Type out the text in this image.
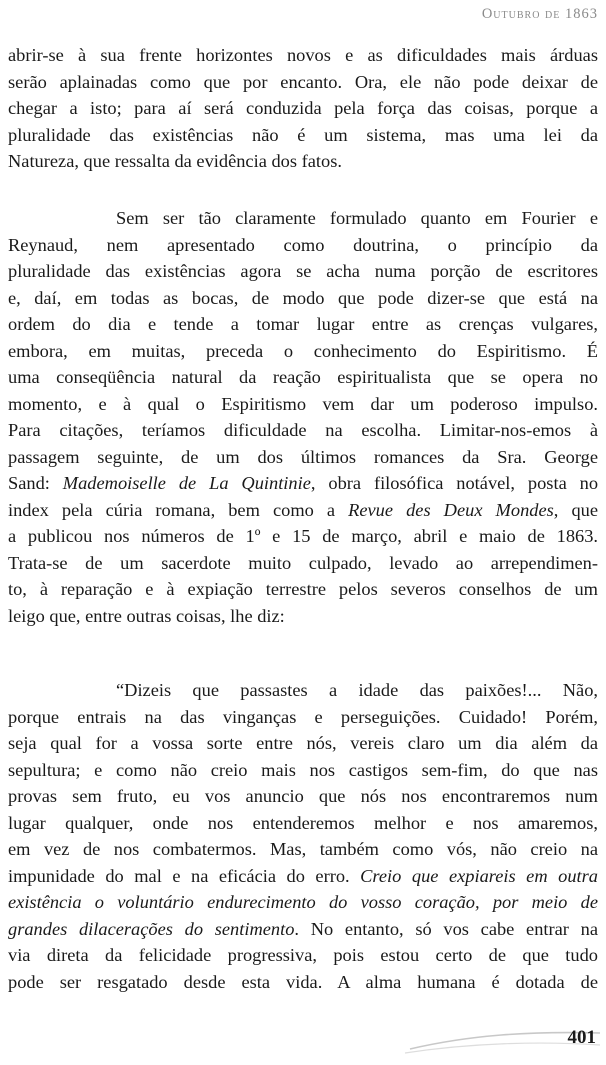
Outubro de 1863
abrir-se à sua frente horizontes novos e as dificuldades mais árduas
serão aplainadas como que por encanto. Ora, ele não pode deixar de
chegar a isto; para aí será conduzida pela força das coisas, porque a
pluralidade das existências não é um sistema, mas uma lei da
Natureza, que ressalta da evidência dos fatos.
Sem ser tão claramente formulado quanto em Fourier e
Reynaud, nem apresentado como doutrina, o princípio da
pluralidade das existências agora se acha numa porção de escritores
e, daí, em todas as bocas, de modo que pode dizer-se que está na
ordem do dia e tende a tomar lugar entre as crenças vulgares,
embora, em muitas, preceda o conhecimento do Espiritismo. É
uma conseqüência natural da reação espiritualista que se opera no
momento, e à qual o Espiritismo vem dar um poderoso impulso.
Para citações, teríamos dificuldade na escolha. Limitar-nos-emos à
passagem seguinte, de um dos últimos romances da Sra. George
Sand: Mademoiselle de La Quintinie, obra filosófica notável, posta no
index pela cúria romana, bem como a Revue des Deux Mondes, que
a publicou nos números de 1º e 15 de março, abril e maio de 1863.
Trata-se de um sacerdote muito culpado, levado ao arrependimen-
to, à reparação e à expiação terrestre pelos severos conselhos de um
leigo que, entre outras coisas, lhe diz:
“Dizeis que passastes a idade das paixões!... Não,
porque entrais na das vinganças e perseguições. Cuidado! Porém,
seja qual for a vossa sorte entre nós, vereis claro um dia além da
sepultura; e como não creio mais nos castigos sem-fim, do que nas
provas sem fruto, eu vos anuncio que nós nos encontraremos num
lugar qualquer, onde nos entenderemos melhor e nos amaremos,
em vez de nos combatermos. Mas, também como vós, não creio na
impunidade do mal e na eficácia do erro. Creio que expiareis em outra
existência o voluntário endurecimento do vosso coração, por meio de
grandes dilacerações do sentimento. No entanto, só vos cabe entrar na
via direta da felicidade progressiva, pois estou certo de que tudo
pode ser resgatado desde esta vida. A alma humana é dotada de
401
